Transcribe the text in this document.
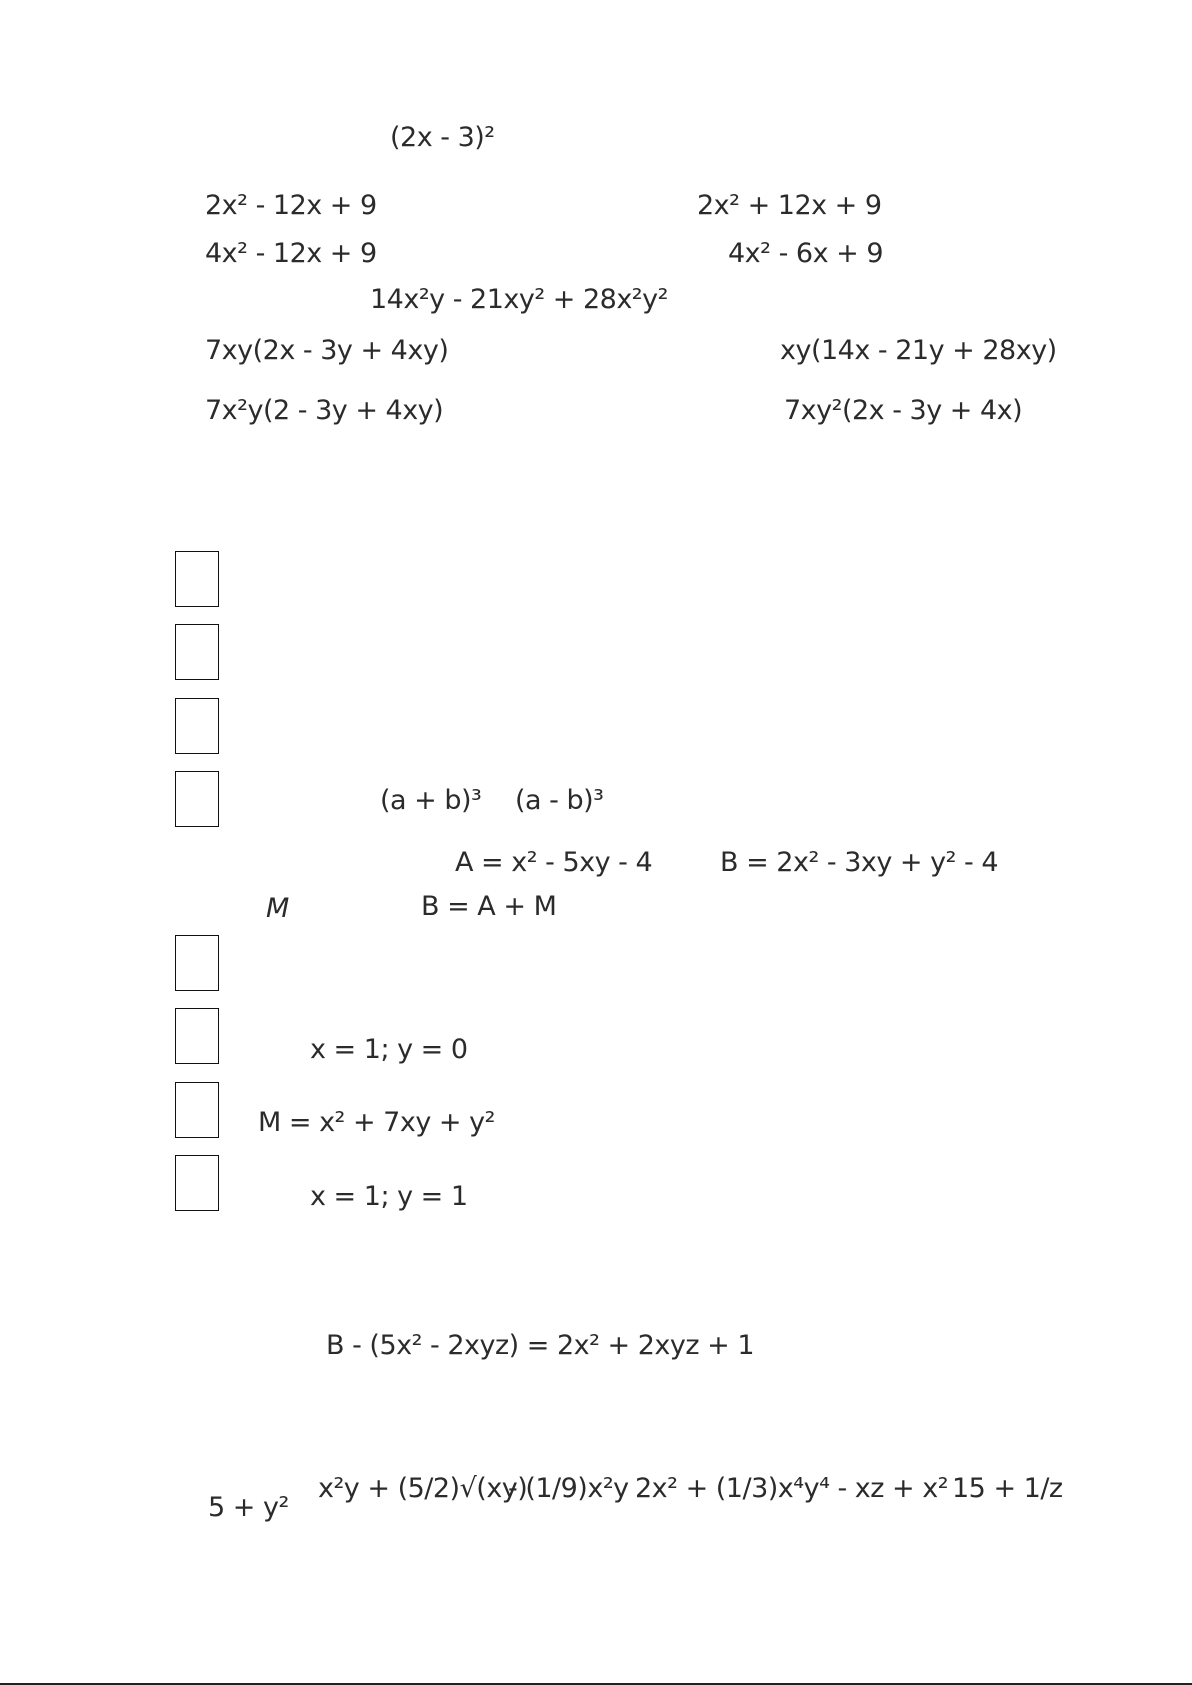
(2x - 3)²
2x² - 12x + 9	2x² + 12x + 9
4x² - 12x + 9	4x² - 6x + 9
14x²y - 21xy² + 28x²y²
7xy(2x - 3y + 4xy)	xy(14x - 21y + 28xy)
7x²y(2 - 3y + 4xy)	7xy²(2x - 3y + 4x)
(a + b)³ (a - b)³
A = x² - 5xy - 4	B = 2x² - 3xy + y² - 4
M	B = A + M
x = 1; y = 0
M = x² + 7xy + y²
x = 1; y = 1
B - (5x² - 2xyz) = 2x² + 2xyz + 1
5 + y²
x²y + (5/2)√(xy)
- (1/9)x²y 2x² + (1/3)x⁴y⁴ - xz + x² 15 + 1/z
